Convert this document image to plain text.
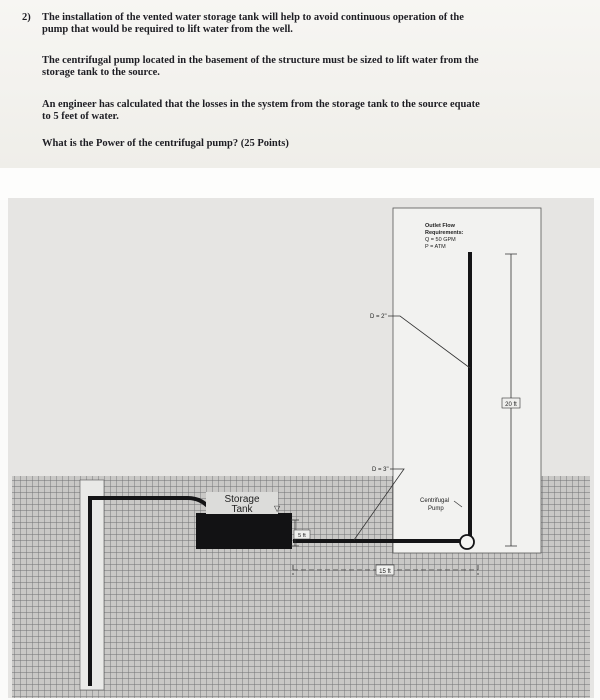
2) The installation of the vented water storage tank will help to avoid continuous operation of the

pump that would be required to lift water from the well.

The centrifugal pump located in the basement of the structure must be sized to lift water from the

storage tank to the source.

An engineer has calculated that the losses in the system from the storage tank to the source equate

to 5 feet of water.

What is the Power of the centrifugal pump? (25 Points)

Storage
Tank	▽
Centrifugal
Pump
Outlet Flow
Requirements:
Q = 50 GPM
P = ATM
D = 2"
D = 3"
20 ft
5 ft
15 ft
